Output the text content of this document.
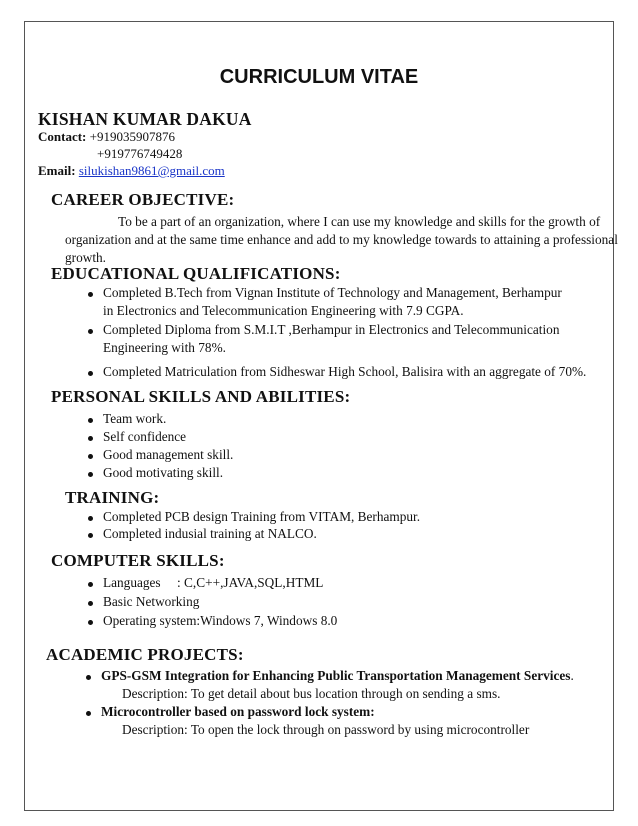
CURRICULUM VITAE
KISHAN KUMAR DAKUA
Contact: +919035907876
+919776749428
Email: silukishan9861@gmail.com
CAREER OBJECTIVE:
To be a part of an organization, where I can use my knowledge and skills for the growth of
organization and at the same time enhance and add to my knowledge towards to attaining a professional
growth.
EDUCATIONAL QUALIFICATIONS:
Completed B.Tech from Vignan Institute of Technology and Management, Berhampur
in Electronics and Telecommunication Engineering with 7.9 CGPA.
Completed Diploma from S.M.I.T ,Berhampur in Electronics and Telecommunication
Engineering with 78%.
Completed Matriculation from Sidheswar High School, Balisira with an aggregate of 70%.
PERSONAL SKILLS AND ABILITIES:
Team work.
Self confidence
Good management skill.
Good motivating skill.
TRAINING:
Completed PCB design Training from VITAM, Berhampur.
Completed indusial training at NALCO.
COMPUTER SKILLS:
Languages : C,C++,JAVA,SQL,HTML
Basic Networking
Operating system:Windows 7, Windows 8.0
ACADEMIC PROJECTS:
GPS-GSM Integration for Enhancing Public Transportation Management Services.
Description: To get detail about bus location through on sending a sms.
Microcontroller based on password lock system:
Description: To open the lock through on password by using microcontroller
